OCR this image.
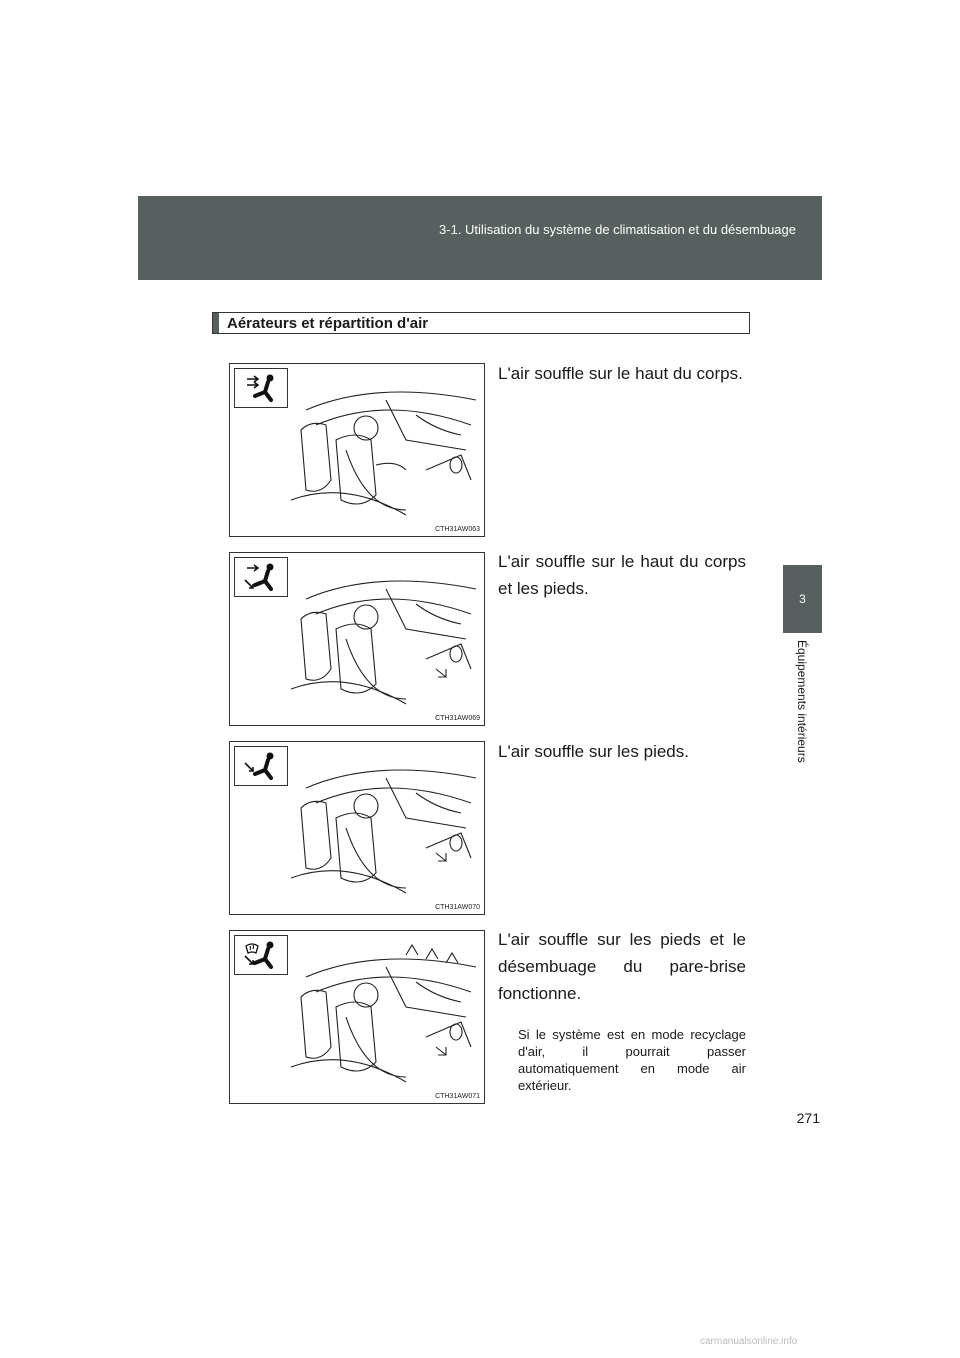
3-1. Utilisation du système de climatisation et du désembuage
3
Équipements intérieurs
Aérateurs et répartition d'air
CTH31AW063
L'air souffle sur le haut du corps.
CTH31AW069
L'air souffle sur le haut du corps et les pieds.
CTH31AW070
L'air souffle sur les pieds.
CTH31AW071
L'air souffle sur les pieds et le désembuage du pare-brise fonctionne.
Si le système est en mode recyclage d'air, il pourrait passer automatiquement en mode air extérieur.
271
carmanualsonline.info
